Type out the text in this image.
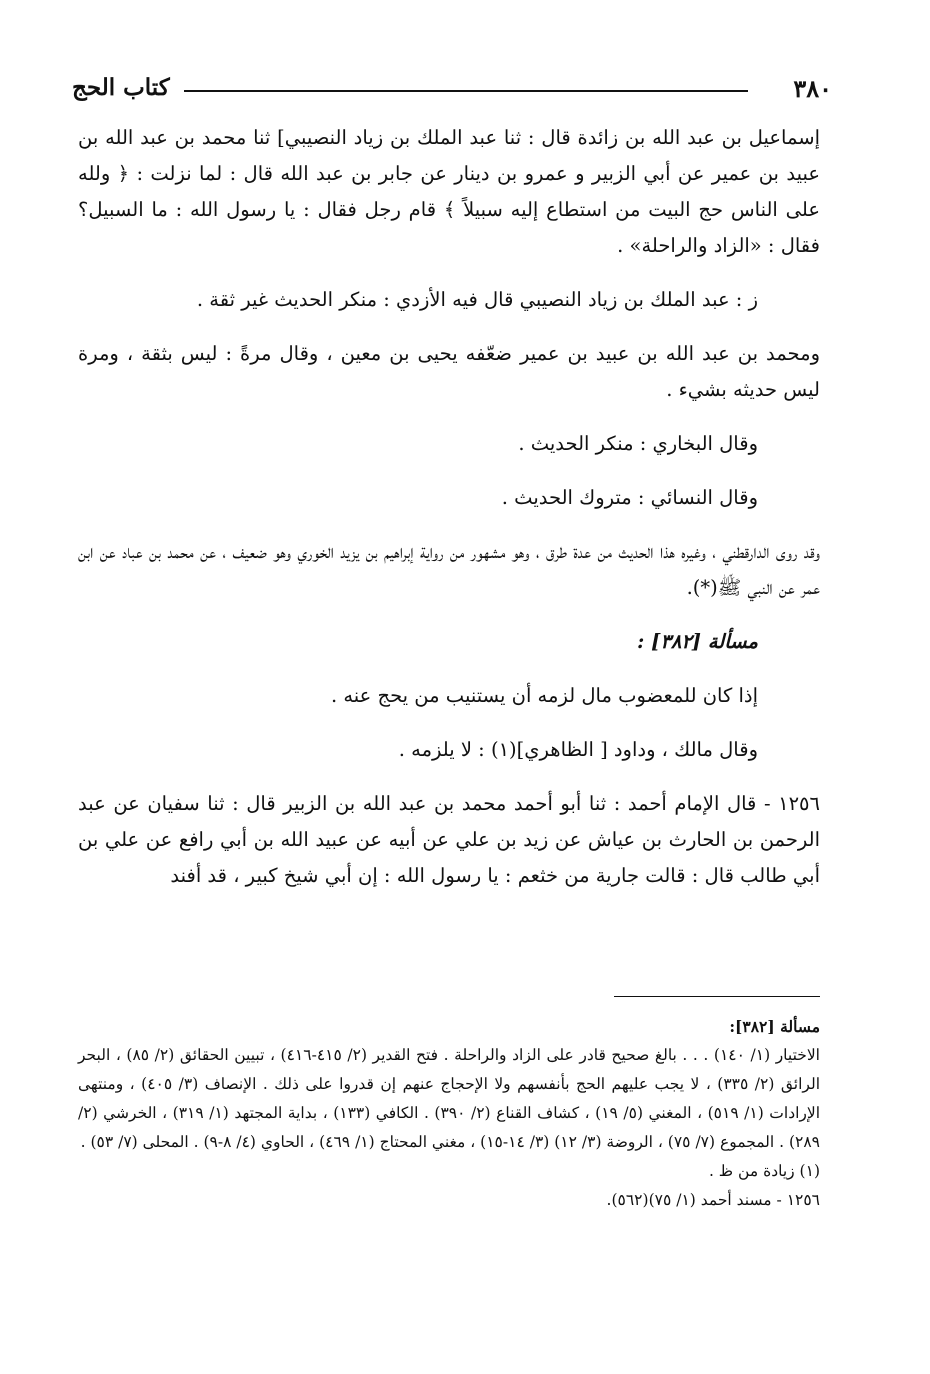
٣٨٠
كتاب الحج

إسماعيل بن عبد الله بن زائدة قال : ثنا عبد الملك بن زياد النصيبي] ثنا محمد بن عبد الله بن عبيد بن عمير عن أبي الزبير و عمرو بن دينار عن جابر بن عبد الله قال : لما نزلت : ﴿ ولله على الناس حج البيت من استطاع إليه سبيلاً ﴾ قام رجل فقال : يا رسول الله : ما السبيل؟ فقال : «الزاد والراحلة» .

ز : عبد الملك بن زياد النصيبي قال فيه الأزدي : منكر الحديث غير ثقة .

ومحمد بن عبد الله بن عبيد بن عمير ضعّفه يحيى بن معين ، وقال مرةً : ليس بثقة ، ومرة ليس حديثه بشيء .

وقال البخاري : منكر الحديث .

وقال النسائي : متروك الحديث .

وقد روى الدارقطني ، وغيره هذا الحديث من عدة طرق ، وهو مشهور من رواية إبراهيم بن يزيد الخوري وهو ضعيف ، عن محمد بن عباد عن ابن عمر عن النبي ﷺ(*).

مسألة [٣٨٢] :

إذا كان للمعضوب مال لزمه أن يستنيب من يحج عنه .

وقال مالك ، وداود [ الظاهري](١) : لا يلزمه .

١٢٥٦ - قال الإمام أحمد : ثنا أبو أحمد محمد بن عبد الله بن الزبير قال : ثنا سفيان عن عبد الرحمن بن الحارث بن عياش عن زيد بن علي عن أبيه عن عبيد الله بن أبي رافع عن علي بن أبي طالب قال : قالت جارية من خثعم : يا رسول الله : إن أبي شيخ كبير ، قد أفند

مسألة [٣٨٢]:
الاختيار (١/ ١٤٠) . . . بالغ صحيح قادر على الزاد والراحلة . فتح القدير (٢/ ٤١٥-٤١٦) ، تبيين الحقائق (٢/ ٨٥) ، البحر الرائق (٢/ ٣٣٥) ، لا يجب عليهم الحج بأنفسهم ولا الإحجاج عنهم إن قدروا على ذلك . الإنصاف (٣/ ٤٠٥) ، ومنتهى الإرادات (١/ ٥١٩) ، المغني (٥/ ١٩) ، كشاف القناع (٢/ ٣٩٠) . الكافي (١٣٣) ، بداية المجتهد (١/ ٣١٩) ، الخرشي (٢/ ٢٨٩) . المجموع (٧/ ٧٥) ، الروضة (٣/ ١٢) (٣/ ١٤-١٥) ، مغني المحتاج (١/ ٤٦٩) ، الحاوي (٤/ ٨-٩) . المحلى (٧/ ٥٣) .
(١) زيادة من ظ .
١٢٥٦ - مسند أحمد (١/ ٧٥)(٥٦٢).
